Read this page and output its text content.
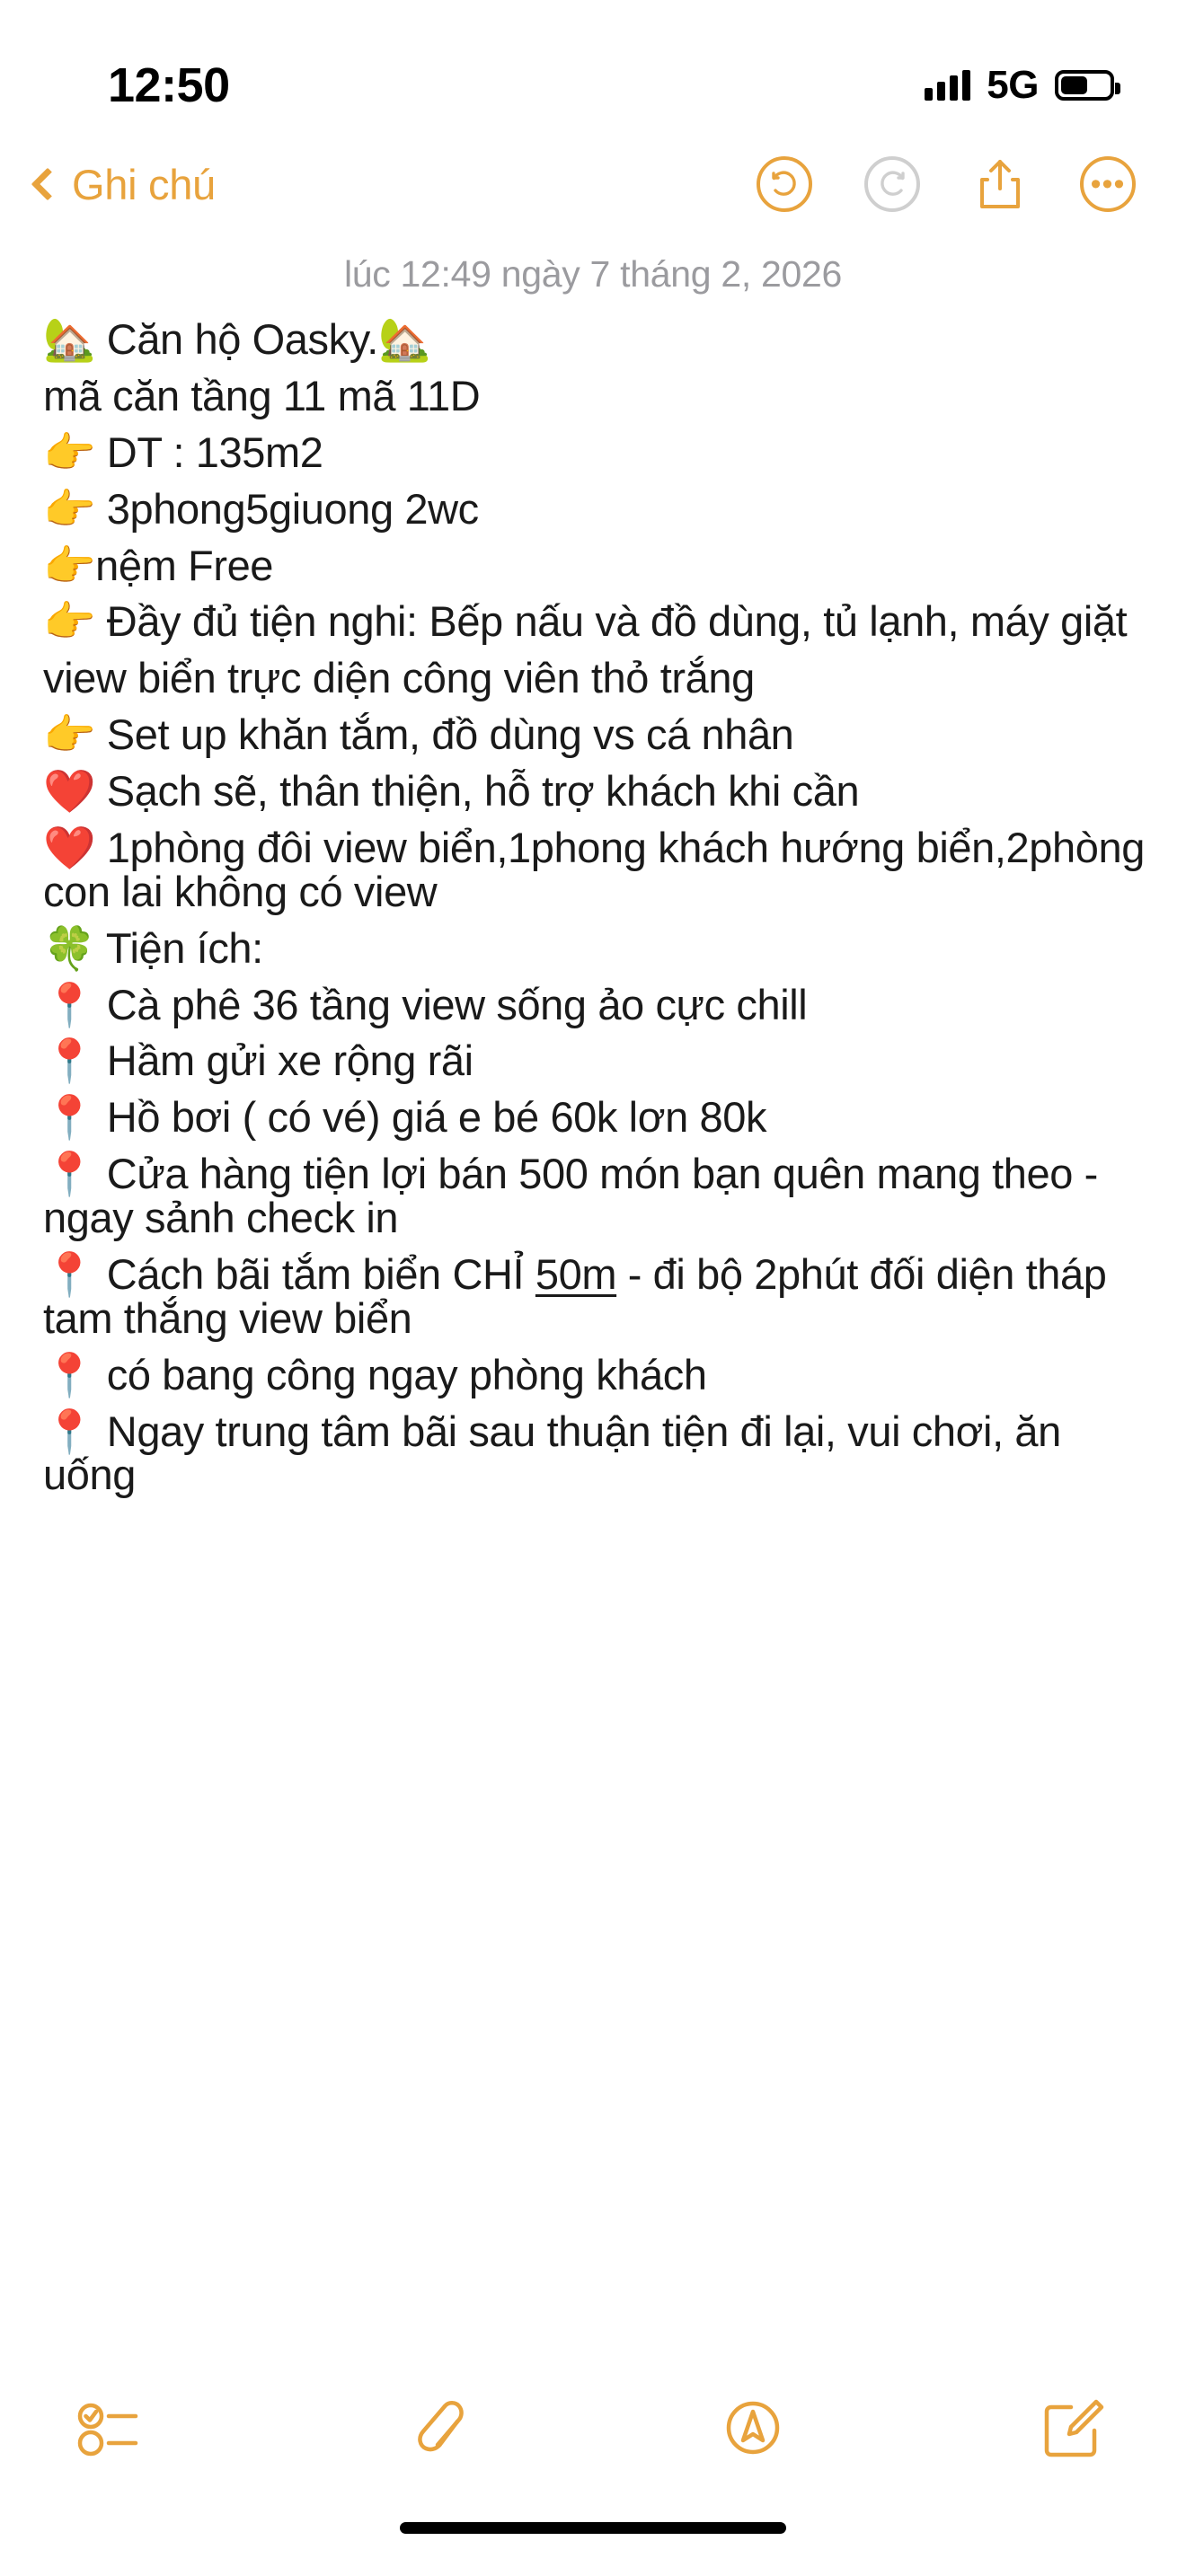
12:50	5G
Ghi chú	•••
lúc 12:49 ngày 7 tháng 2, 2026
🏡 Căn hộ Oasky.🏡
mã căn tầng 11 mã 11D
👉 DT : 135m2
👉 3phong5giuong 2wc
👉nệm Free
👉 Đầy đủ tiện nghi: Bếp nấu và đồ dùng, tủ lạnh, máy giặt
view biển trực diện công viên thỏ trắng
👉 Set up khăn tắm, đồ dùng vs cá nhân
❤️ Sạch sẽ, thân thiện, hỗ trợ khách khi cần
❤️ 1phòng đôi view biển,1phong khách hướng biển,2phòng con lai không có view
🍀 Tiện ích:
📍 Cà phê 36 tầng view sống ảo cực chill
📍 Hầm gửi xe rộng rãi
📍 Hồ bơi ( có vé) giá e bé 60k lơn 80k
📍 Cửa hàng tiện lợi bán 500 món bạn quên mang theo -  ngay sảnh check in
📍 Cách bãi tắm biển CHỈ 50m - đi bộ 2phút đối diện tháp tam thắng view biển
📍 có bang công ngay phòng khách
📍 Ngay trung tâm bãi sau thuận tiện đi lại, vui chơi, ăn uống
